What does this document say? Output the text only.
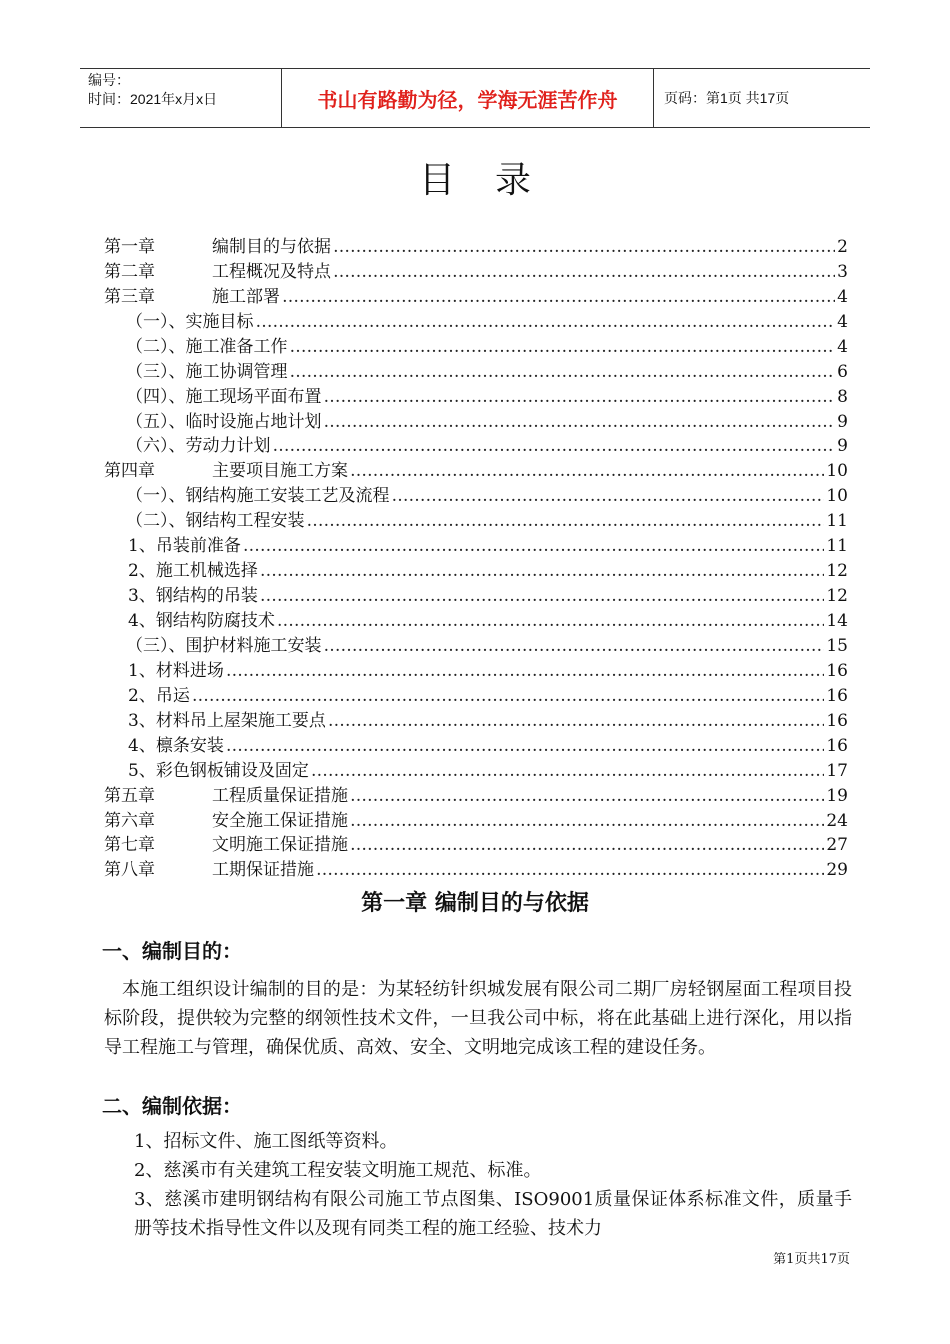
编号：
时间：2021年x月x日	书山有路勤为径，学海无涯苦作舟	页码：第1页 共17页
目录
第一章	编制目的与依据 ………………………………………………………………………………………………………………………………………	2
第二章	工程概况及特点 ………………………………………………………………………………………………………………………………………	3
第三章	施工部署 ………………………………………………………………………………………………………………………………………	4
（一）、实施目标 ………………………………………………………………………………………………………………………………………	4
（二）、施工准备工作 ………………………………………………………………………………………………………………………………………	4
（三）、施工协调管理 ………………………………………………………………………………………………………………………………………	6
（四）、施工现场平面布置 ………………………………………………………………………………………………………………………………………	8
（五）、临时设施占地计划 ………………………………………………………………………………………………………………………………………	9
（六）、劳动力计划 ………………………………………………………………………………………………………………………………………	9
第四章	主要项目施工方案 ………………………………………………………………………………………………………………………………………	10
（一）、钢结构施工安装工艺及流程 ………………………………………………………………………………………………………………………………………	10
（二）、钢结构工程安装 ………………………………………………………………………………………………………………………………………	11
1、吊装前准备 ………………………………………………………………………………………………………………………………………	11
2、施工机械选择 ………………………………………………………………………………………………………………………………………	12
3、钢结构的吊装 ………………………………………………………………………………………………………………………………………	12
4、钢结构防腐技术 ………………………………………………………………………………………………………………………………………	14
（三）、围护材料施工安装 ………………………………………………………………………………………………………………………………………	15
1、材料进场 ………………………………………………………………………………………………………………………………………	16
2、吊运 ………………………………………………………………………………………………………………………………………	16
3、材料吊上屋架施工要点 ………………………………………………………………………………………………………………………………………	16
4、檩条安装 ………………………………………………………………………………………………………………………………………	16
5、彩色钢板铺设及固定 ………………………………………………………………………………………………………………………………………	17
第五章	工程质量保证措施 ………………………………………………………………………………………………………………………………………	19
第六章	安全施工保证措施 ………………………………………………………………………………………………………………………………………	24
第七章	文明施工保证措施 ………………………………………………………………………………………………………………………………………	27
第八章	工期保证措施 ………………………………………………………………………………………………………………………………………	29
第一章 编制目的与依据
一、编制目的：
本施工组织设计编制的目的是：为某轻纺针织城发展有限公司二期厂房轻钢屋面工程项目投标阶段，提供较为完整的纲领性技术文件，一旦我公司中标，将在此基础上进行深化，用以指导工程施工与管理，确保优质、高效、安全、文明地完成该工程的建设任务。
二、编制依据：
1、招标文件、施工图纸等资料。
2、慈溪市有关建筑工程安装文明施工规范、标准。
3、慈溪市建明钢结构有限公司施工节点图集、ISO9001质量保证体系标准文件，质量手册等技术指导性文件以及现有同类工程的施工经验、技术力
第1页共17页
